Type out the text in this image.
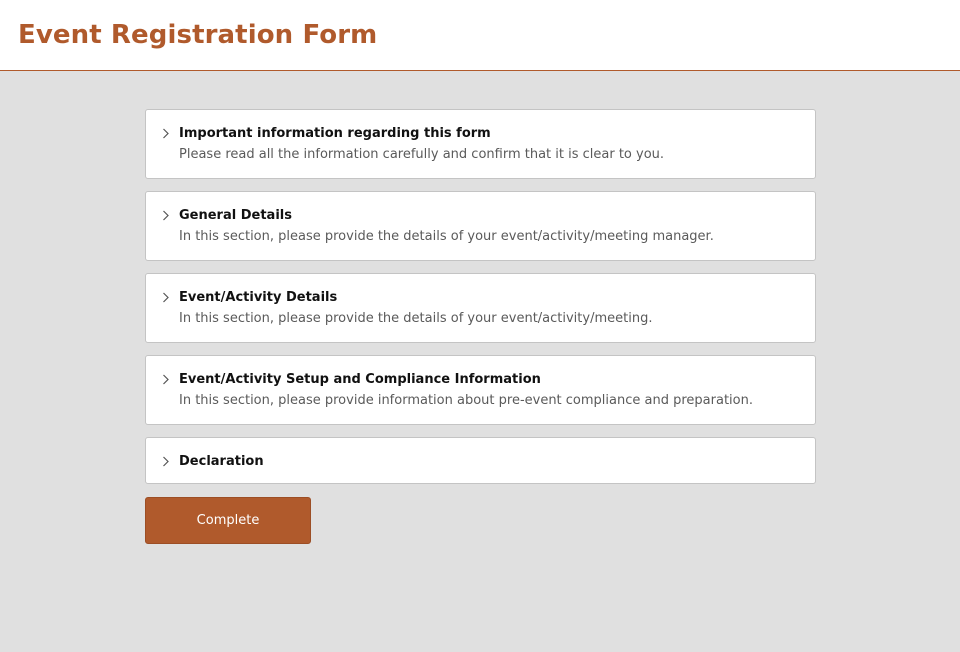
Event Registration Form
Important information regarding this form
Please read all the information carefully and confirm that it is clear to you.
General Details
In this section, please provide the details of your event/activity/meeting manager.
Event/Activity Details
In this section, please provide the details of your event/activity/meeting.
Event/Activity Setup and Compliance Information
In this section, please provide information about pre-event compliance and preparation.
Declaration
Complete
